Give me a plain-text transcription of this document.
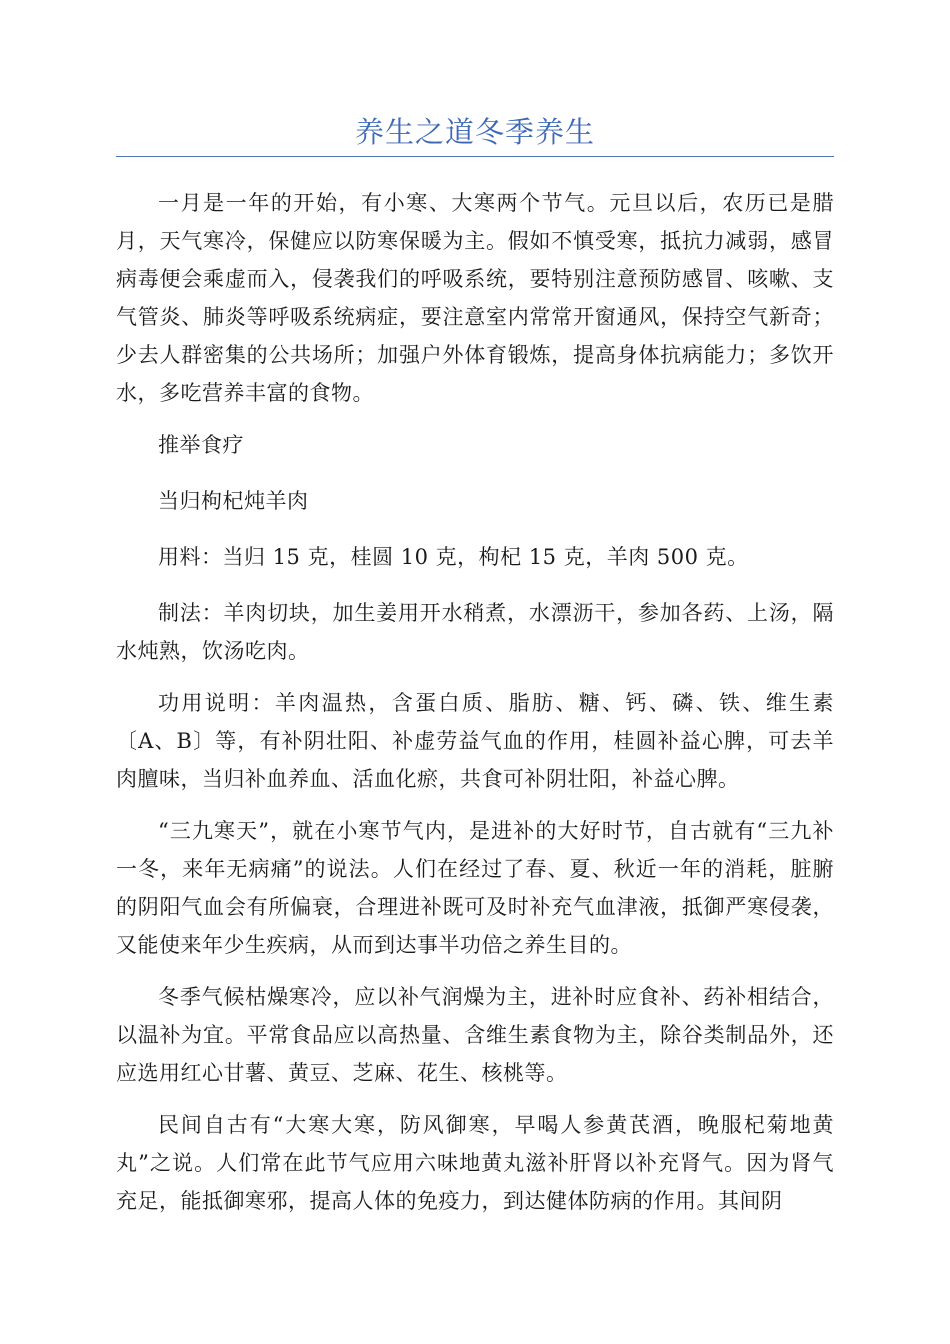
养生之道冬季养生

一月是一年的开始，有小寒、大寒两个节气。元旦以后，农历已是腊月，天气寒冷，保健应以防寒保暖为主。假如不慎受寒，抵抗力减弱，感冒病毒便会乘虚而入，侵袭我们的呼吸系统，要特别注意预防感冒、咳嗽、支气管炎、肺炎等呼吸系统病症，要注意室内常常开窗通风，保持空气新奇；少去人群密集的公共场所；加强户外体育锻炼，提高身体抗病能力；多饮开水，多吃营养丰富的食物。

推举食疗

当归枸杞炖羊肉

用料：当归 15 克，桂圆 10 克，枸杞 15 克，羊肉 500 克。

制法：羊肉切块，加生姜用开水稍煮，水漂沥干，参加各药、上汤，隔水炖熟，饮汤吃肉。

功用说明：羊肉温热，含蛋白质、脂肪、糖、钙、磷、铁、维生素〔A、B〕等，有补阴壮阳、补虚劳益气血的作用，桂圆补益心脾，可去羊肉膻味，当归补血养血、活血化瘀，共食可补阴壮阳，补益心脾。

“三九寒天”，就在小寒节气内，是进补的大好时节，自古就有“三九补一冬，来年无病痛”的说法。人们在经过了春、夏、秋近一年的消耗，脏腑的阴阳气血会有所偏衰，合理进补既可及时补充气血津液，抵御严寒侵袭，又能使来年少生疾病，从而到达事半功倍之养生目的。

冬季气候枯燥寒冷，应以补气润燥为主，进补时应食补、药补相结合，以温补为宜。平常食品应以高热量、含维生素食物为主，除谷类制品外，还应选用红心甘薯、黄豆、芝麻、花生、核桃等。

民间自古有“大寒大寒，防风御寒，早喝人参黄芪酒，晚服杞菊地黄丸”之说。人们常在此节气应用六味地黄丸滋补肝肾以补充肾气。因为肾气充足，能抵御寒邪，提高人体的免疫力，到达健体防病的作用。其间阴
